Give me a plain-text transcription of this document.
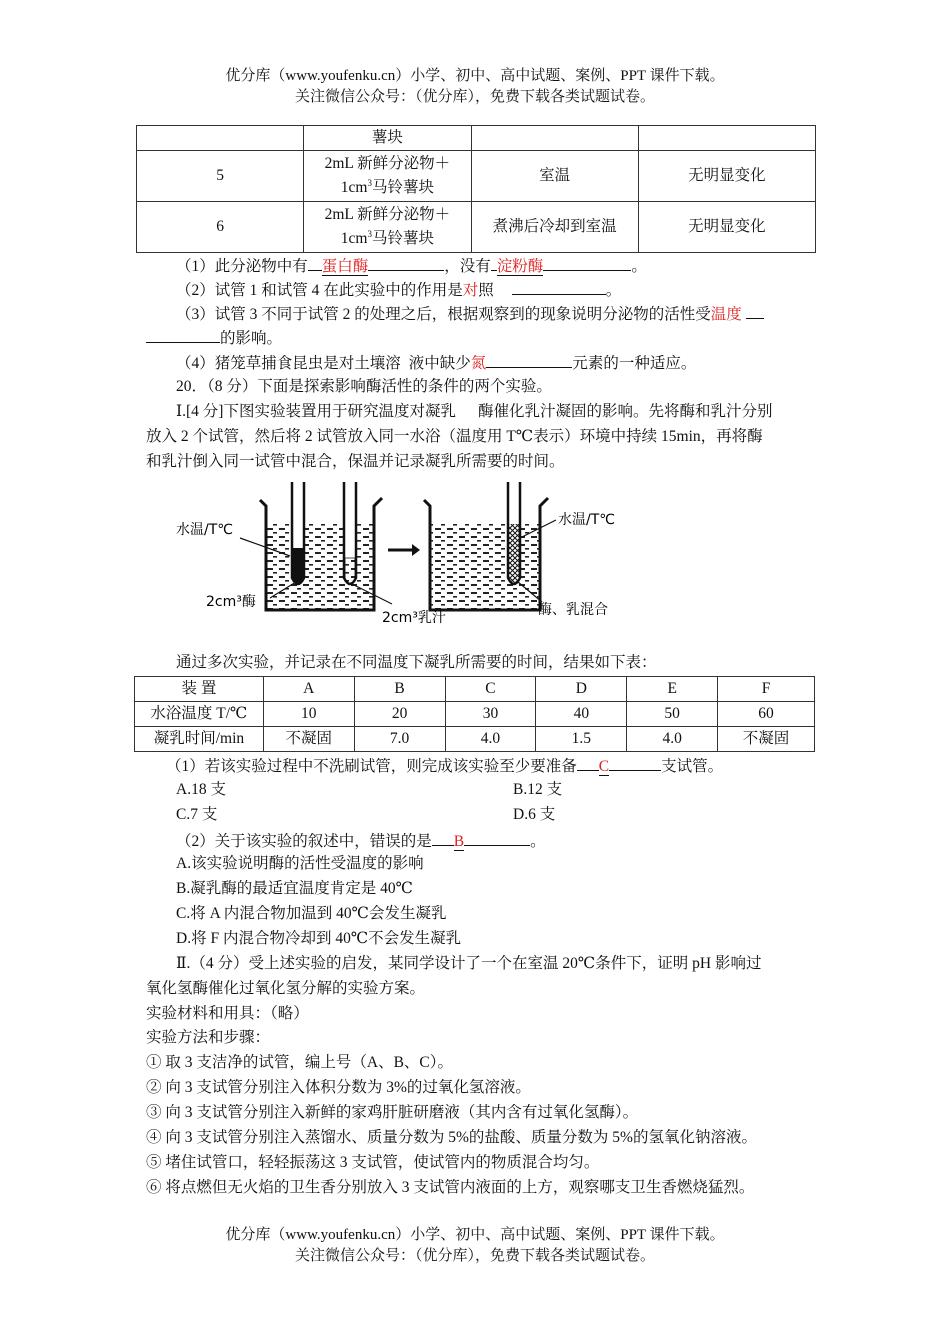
优分库（www.youfenku.cn）小学、初中、高中试题、案例、PPT 课件下载。
关注微信公众号：（优分库），免费下载各类试题试卷。
	薯块		
5	2mL 新鲜分泌物＋
$1cm^3$马铃薯块	室温	无明显变化
6	2mL 新鲜分泌物＋
$1cm^3$马铃薯块	煮沸后冷却到室温	无明显变化
（1）此分泌物中有 蛋白酶	，没有 淀粉酶	。
（2）试管 1 和试管 4 在此实验中的作用是对照	。
（3）试管 3 不同于试管 2 的处理之后，根据观察到的现象说明分泌物的活性受温度
的影响。
（4）猪笼草捕食昆虫是对土壤溶 液中缺少氮	元素的一种适应。
20．（8 分）下面是探索影响酶活性的条件的两个实验。
Ⅰ.[4 分]下图实验装置用于研究温度对凝乳 酶催化乳汁凝固的影响。先将酶和乳汁分别
放入 2 个试管，然后将 2 试管放入同一水浴（温度用 T℃表示）环境中持续 15min，再将酶
和乳汁倒入同一试管中混合，保温并记录凝乳所需要的时间。
水温/T℃
2cm³酶
2cm³乳汁
水温/T℃
酶、乳混合
通过多次实验，并记录在不同温度下凝乳所需要的时间，结果如下表：
装 置	A	B	C	D	E	F
水浴温度 T/℃	10	20	30	40	50	60
凝乳时间/min	不凝固	7.0	4.0	1.5	4.0	不凝固
（1）若该实验过程中不洗刷试管，则完成该实验至少要准备 C	支试管。
A.18 支	B.12 支
C.7 支	D.6 支
（2）关于该实验的叙述中，错误的是 B	。
A.该实验说明酶的活性受温度的影响
B.凝乳酶的最适宜温度肯定是 40℃
C.将 A 内混合物加温到 40℃会发生凝乳
D.将 F 内混合物冷却到 40℃不会发生凝乳
Ⅱ.（4 分）受上述实验的启发，某同学设计了一个在室温 20℃条件下，证明 pH 影响过
氧化氢酶催化过氧化氢分解的实验方案。
实验材料和用具：（略）
实验方法和步骤：
① 取 3 支洁净的试管，编上号（A、B、C）。
② 向 3 支试管分别注入体积分数为 3%的过氧化氢溶液。
③ 向 3 支试管分别注入新鲜的家鸡肝脏研磨液（其内含有过氧化氢酶）。
④ 向 3 支试管分别注入蒸馏水、质量分数为 5%的盐酸、质量分数为 5%的氢氧化钠溶液。
⑤ 堵住试管口，轻轻振荡这 3 支试管，使试管内的物质混合均匀。
⑥ 将点燃但无火焰的卫生香分别放入 3 支试管内液面的上方，观察哪支卫生香燃烧猛烈。
优分库（www.youfenku.cn）小学、初中、高中试题、案例、PPT 课件下载。
关注微信公众号：（优分库），免费下载各类试题试卷。
